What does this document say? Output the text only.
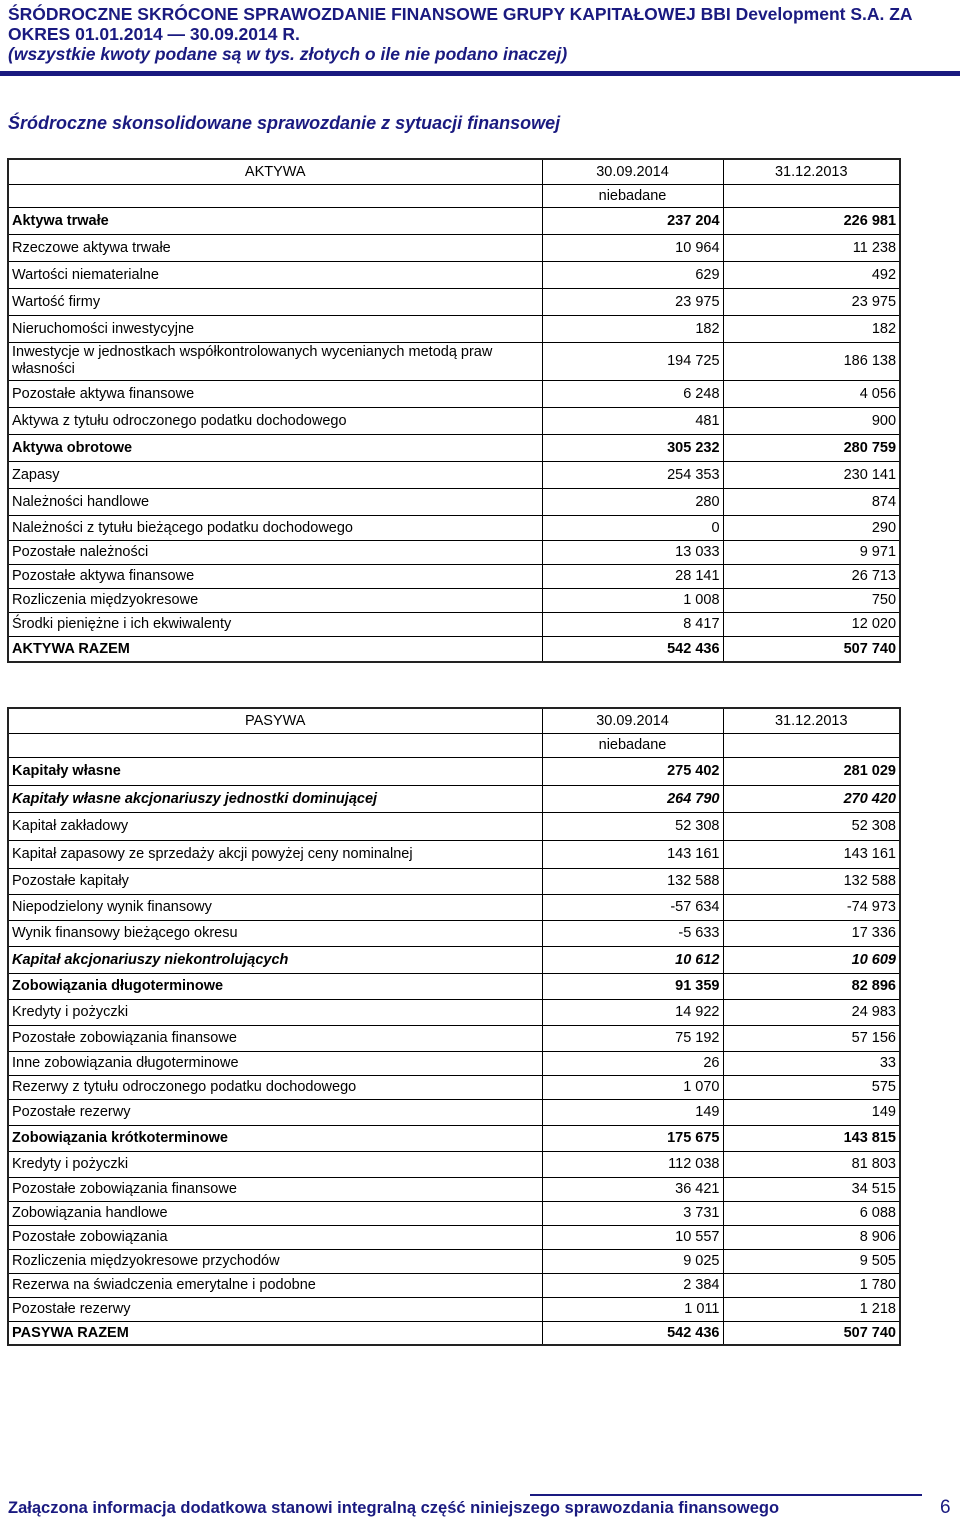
ŚRÓDROCZNE SKRÓCONE SPRAWOZDANIE FINANSOWE GRUPY KAPITAŁOWEJ BBI Development S.A. ZA
OKRES 01.01.2014 — 30.09.2014 R.
(wszystkie kwoty podane są w tys. złotych o ile nie podano inaczej)
Śródroczne skonsolidowane sprawozdanie z sytuacji finansowej
AKTYWA		30.09.2014	31.12.2013
		niebadane	
Aktywa trwałe		237 204	226 981
Rzeczowe aktywa trwałe		10 964	11 238
Wartości niematerialne		629	492
Wartość firmy		23 975	23 975
Nieruchomości inwestycyjne		182	182
Inwestycje w jednostkach współkontrolowanych wycenianych metodą praw własności		194 725	186 138
Pozostałe aktywa finansowe		6 248	4 056
Aktywa z tytułu odroczonego podatku dochodowego		481	900
Aktywa obrotowe		305 232	280 759
Zapasy		254 353	230 141
Należności handlowe		280	874
Należności z tytułu bieżącego podatku dochodowego		0	290
Pozostałe należności		13 033	9 971
Pozostałe aktywa finansowe		28 141	26 713
Rozliczenia międzyokresowe		1 008	750
Środki pieniężne i ich ekwiwalenty		8 417	12 020
AKTYWA RAZEM		542 436	507 740
PASYWA		30.09.2014	31.12.2013
		niebadane	
Kapitały własne		275 402	281 029
Kapitały własne akcjonariuszy jednostki dominującej		264 790	270 420
Kapitał zakładowy		52 308	52 308
Kapitał zapasowy ze sprzedaży akcji powyżej ceny nominalnej		143 161	143 161
Pozostałe kapitały		132 588	132 588
Niepodzielony wynik finansowy		-57 634	-74 973
Wynik finansowy bieżącego okresu		-5 633	17 336
Kapitał akcjonariuszy niekontrolujących		10 612	10 609
Zobowiązania długoterminowe		91 359	82 896
Kredyty i pożyczki		14 922	24 983
Pozostałe zobowiązania finansowe		75 192	57 156
Inne zobowiązania długoterminowe		26	33
Rezerwy z tytułu odroczonego podatku dochodowego		1 070	575
Pozostałe rezerwy		149	149
Zobowiązania krótkoterminowe		175 675	143 815
Kredyty i pożyczki		112 038	81 803
Pozostałe zobowiązania finansowe		36 421	34 515
Zobowiązania handlowe		3 731	6 088
Pozostałe zobowiązania		10 557	8 906
Rozliczenia międzyokresowe przychodów		9 025	9 505
Rezerwa na świadczenia emerytalne i podobne		2 384	1 780
Pozostałe rezerwy		1 011	1 218
PASYWA RAZEM		542 436	507 740
Załączona informacja dodatkowa stanowi integralną część niniejszego sprawozdania finansowego	6
